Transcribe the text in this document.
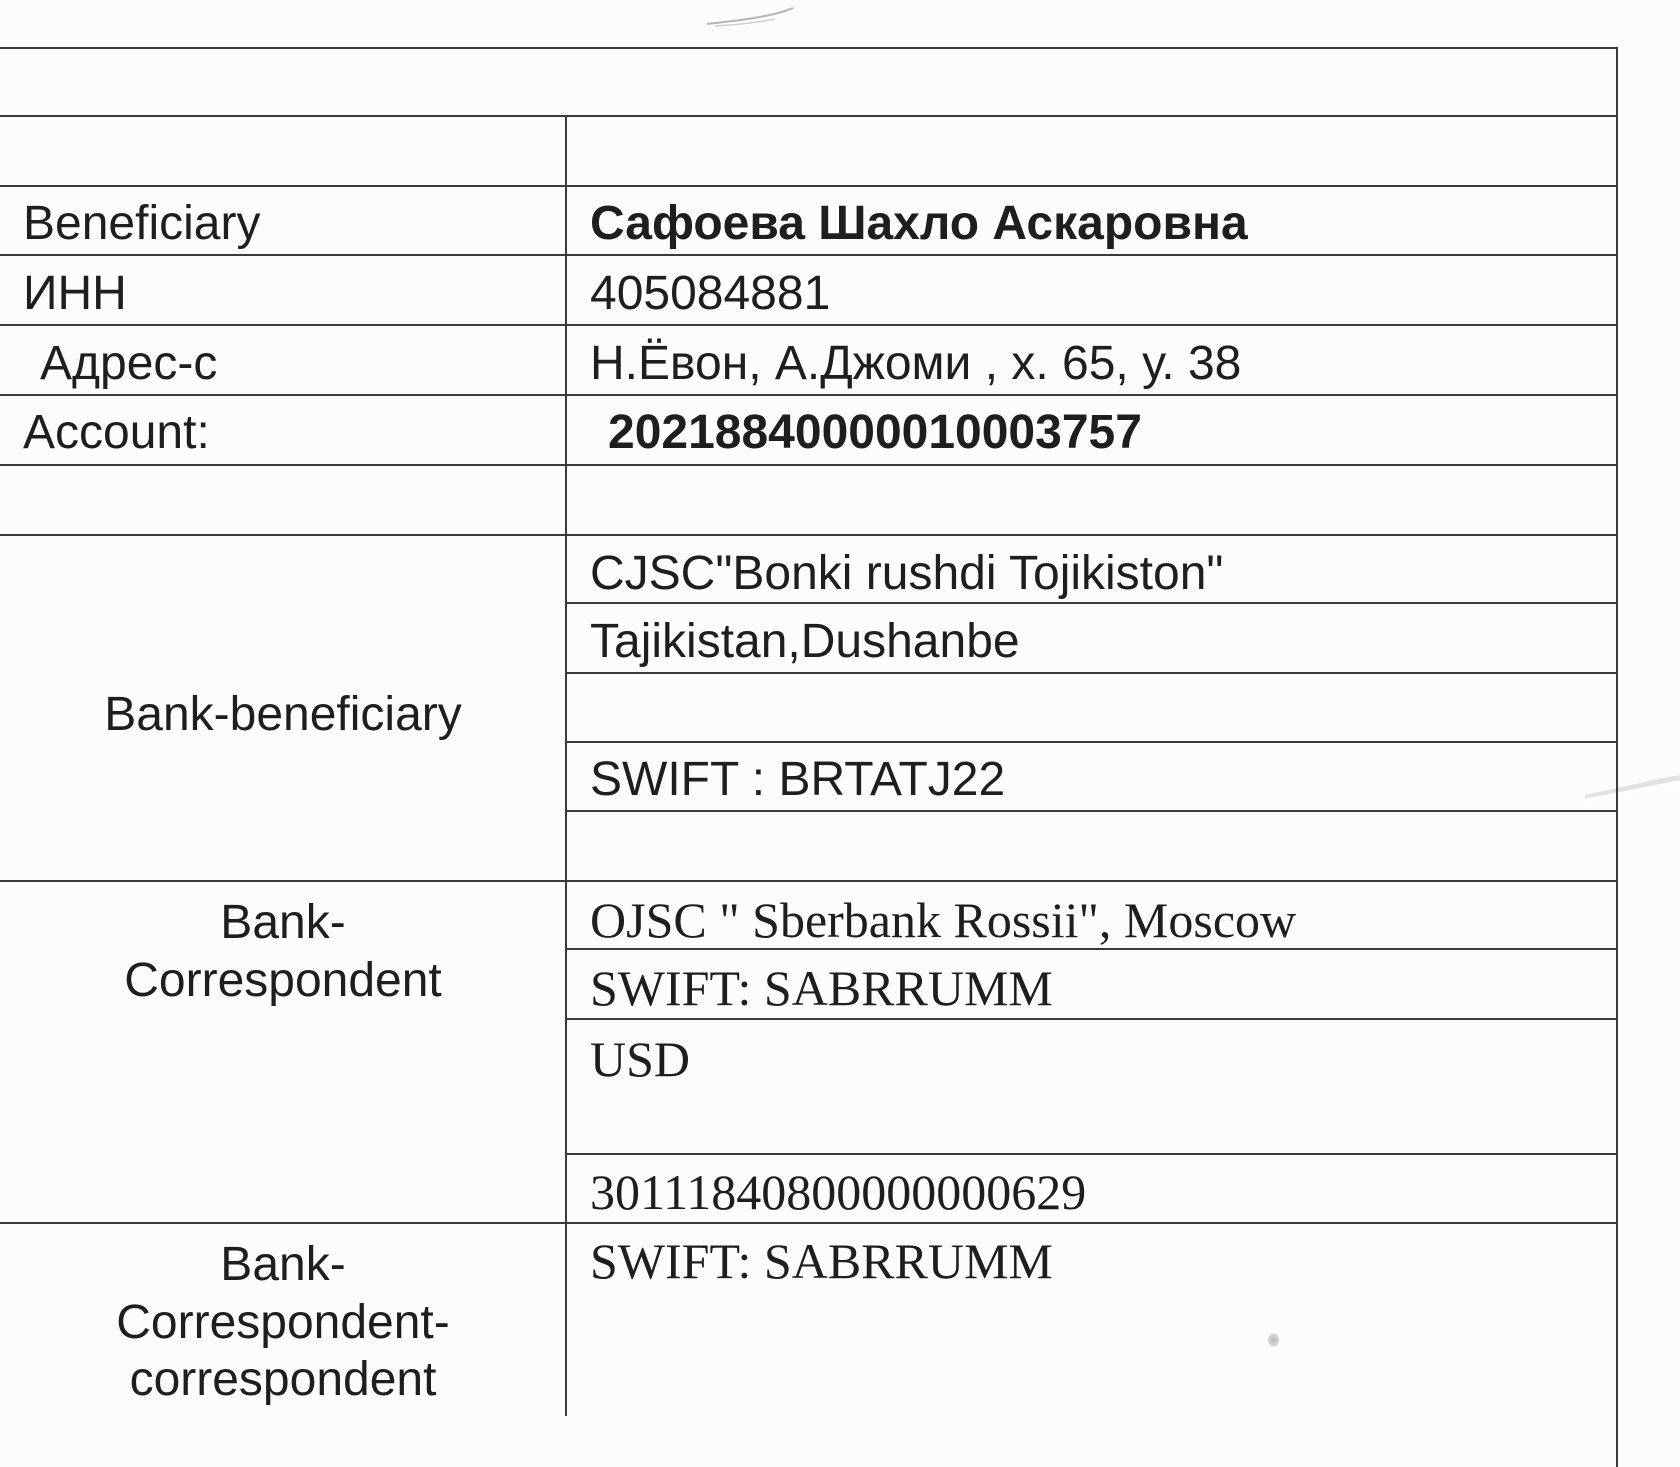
Beneficiary
ИНН
Адрес-с
Account:
Bank-beneficiary
Bank-
Correspondent
Bank-
Correspondent-
correspondent
Сафоева Шахло Аскаровна
405084881
Н.Ёвон, А.Джоми , х. 65, у. 38
20218840000010003757
CJSC"Bonki rushdi Tojikiston"
Tajikistan,Dushanbe
SWIFT : BRTATJ22
OJSC " Sberbank Rossii", Moscow
SWIFT: SABRRUMM
USD
30111840800000000629
SWIFT: SABRRUMM
